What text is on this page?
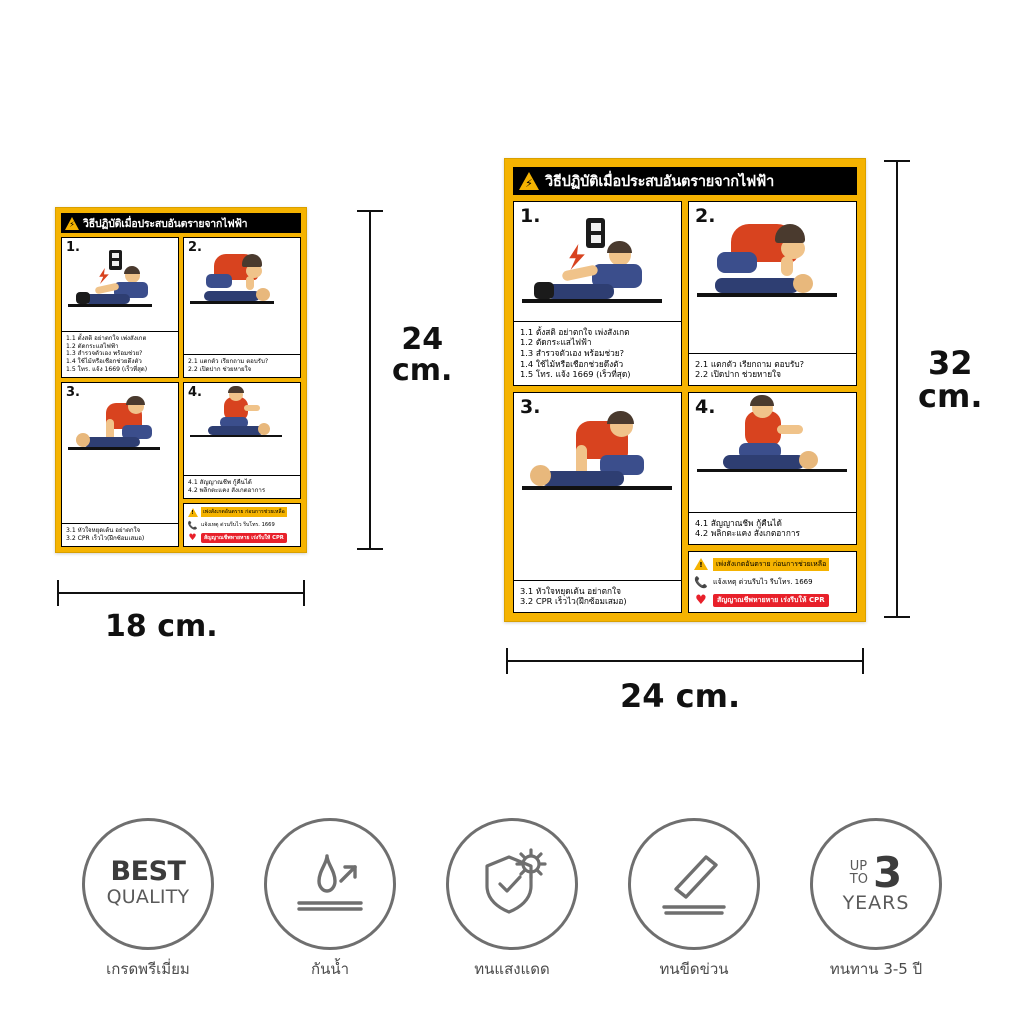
⚡ วิธีปฏิบัติเมื่อประสบอันตรายจากไฟฟ้า
1.
1.1 ตั้งสติ อย่าตกใจ เพ่งสังเกต
1.2 ตัดกระแสไฟฟ้า
1.3 สำรวจตัวเอง พร้อมช่วย?
1.4 ใช้ไม้หรือเชือกช่วยดึงตัว
1.5 โทร. แจ้ง 1669 (เร็วที่สุด)
2.
2.1 แตกตัว เรียกถาม ตอบรับ?
2.2 เปิดปาก ช่วยหายใจ
3.
3.1 หัวใจหยุดเต้น อย่าตกใจ
3.2 CPR เร็วไว(ฝึกซ้อมเสมอ)
4.
4.1 สัญญาณชีพ กู้คืนได้
4.2 พลิกตะแคง สังเกตอาการ
!	เพ่งสังเกตอันตราย ก่อนการช่วยเหลือ
📞 แจ้งเหตุ ด่วนรีบไว รีบโทร. 1669
♥	สัญญาณชีพหายหาย เร่งรีบให้ CPR
24
cm.
18 cm.
⚡ วิธีปฏิบัติเมื่อประสบอันตรายจากไฟฟ้า
1.
1.1 ตั้งสติ อย่าตกใจ เพ่งสังเกต
1.2 ตัดกระแสไฟฟ้า
1.3 สำรวจตัวเอง พร้อมช่วย?
1.4 ใช้ไม้หรือเชือกช่วยดึงตัว
1.5 โทร. แจ้ง 1669 (เร็วที่สุด)
2.
2.1 แตกตัว เรียกถาม ตอบรับ?
2.2 เปิดปาก ช่วยหายใจ
3.
3.1 หัวใจหยุดเต้น อย่าตกใจ
3.2 CPR เร็วไว(ฝึกซ้อมเสมอ)
4.
4.1 สัญญาณชีพ กู้คืนได้
4.2 พลิกตะแคง สังเกตอาการ
!	เพ่งสังเกตอันตราย ก่อนการช่วยเหลือ
📞 แจ้งเหตุ ด่วนรีบไว รีบโทร. 1669
♥	สัญญาณชีพหายหาย เร่งรีบให้ CPR
32
cm.
24 cm.
BEST
QUALITY
เกรดพรีเมี่ยม	กันน้ำ	ทนแสงแดด	ทนขีดข่วน
UP
TO 3
YEARS
ทนทาน 3-5 ปี
